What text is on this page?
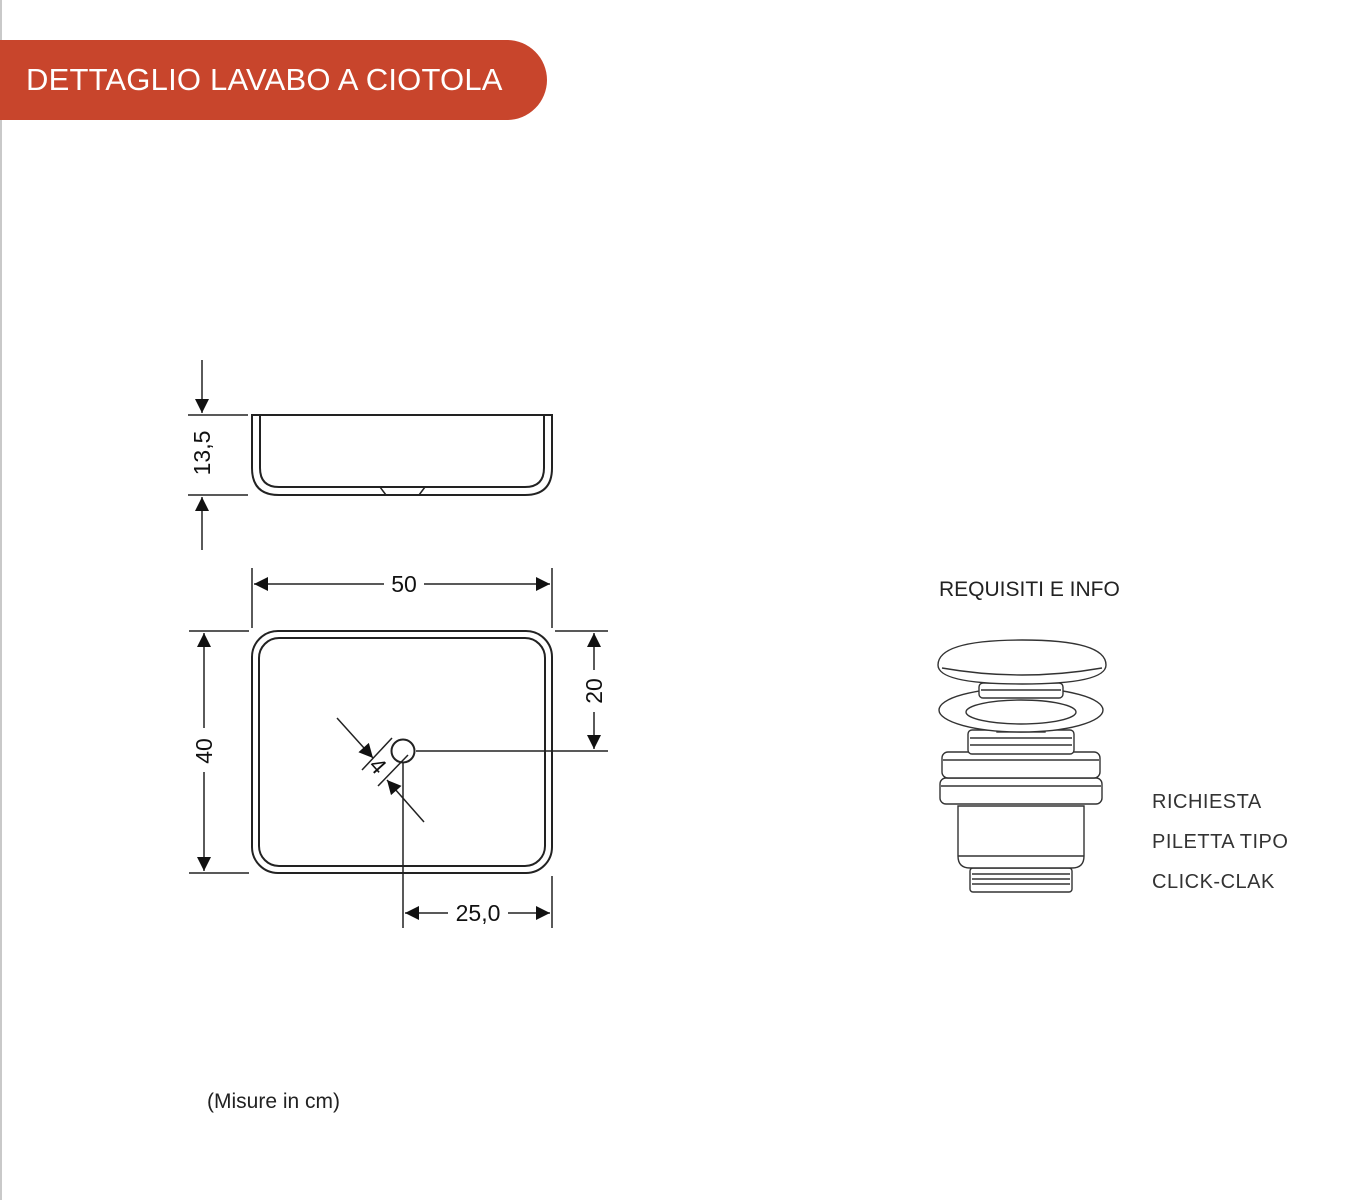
DETTAGLIO LAVABO A CIOTOLA
13,5
50
40
20
4
25,0
(Misure in cm)
REQUISITI E INFO
RICHIESTA
PILETTA TIPO
CLICK-CLAK
